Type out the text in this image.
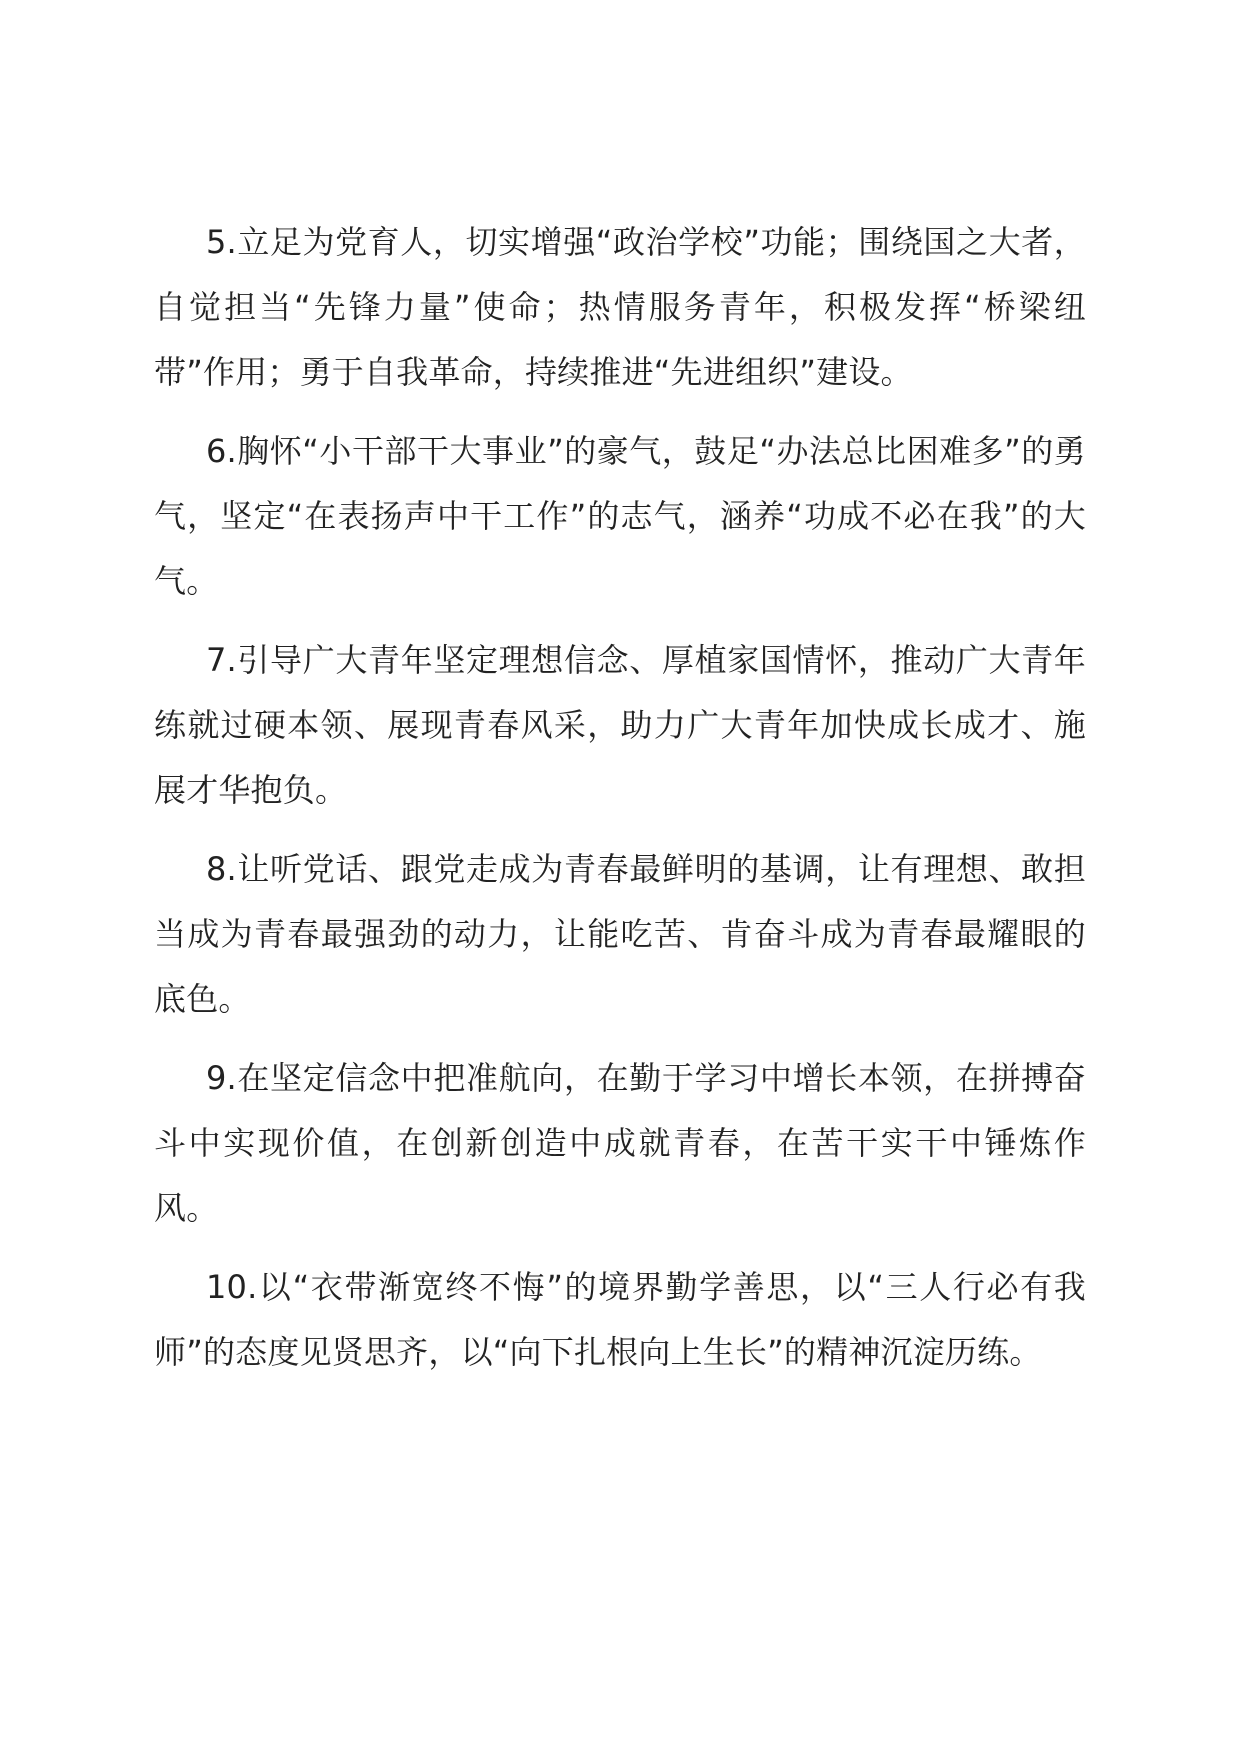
5.立足为党育人，切实增强“政治学校”功能；围绕国之大者，自觉担当“先锋力量”使命；热情服务青年，积极发挥“桥梁纽带”作用；勇于自我革命，持续推进“先进组织”建设。

6.胸怀“小干部干大事业”的豪气，鼓足“办法总比困难多”的勇气，坚定“在表扬声中干工作”的志气，涵养“功成不必在我”的大气。

7.引导广大青年坚定理想信念、厚植家国情怀，推动广大青年练就过硬本领、展现青春风采，助力广大青年加快成长成才、施展才华抱负。

8.让听党话、跟党走成为青春最鲜明的基调，让有理想、敢担当成为青春最强劲的动力，让能吃苦、肯奋斗成为青春最耀眼的底色。

9.在坚定信念中把准航向，在勤于学习中增长本领，在拼搏奋斗中实现价值，在创新创造中成就青春，在苦干实干中锤炼作风。

10.以“衣带渐宽终不悔”的境界勤学善思，以“三人行必有我师”的态度见贤思齐，以“向下扎根向上生长”的精神沉淀历练。
